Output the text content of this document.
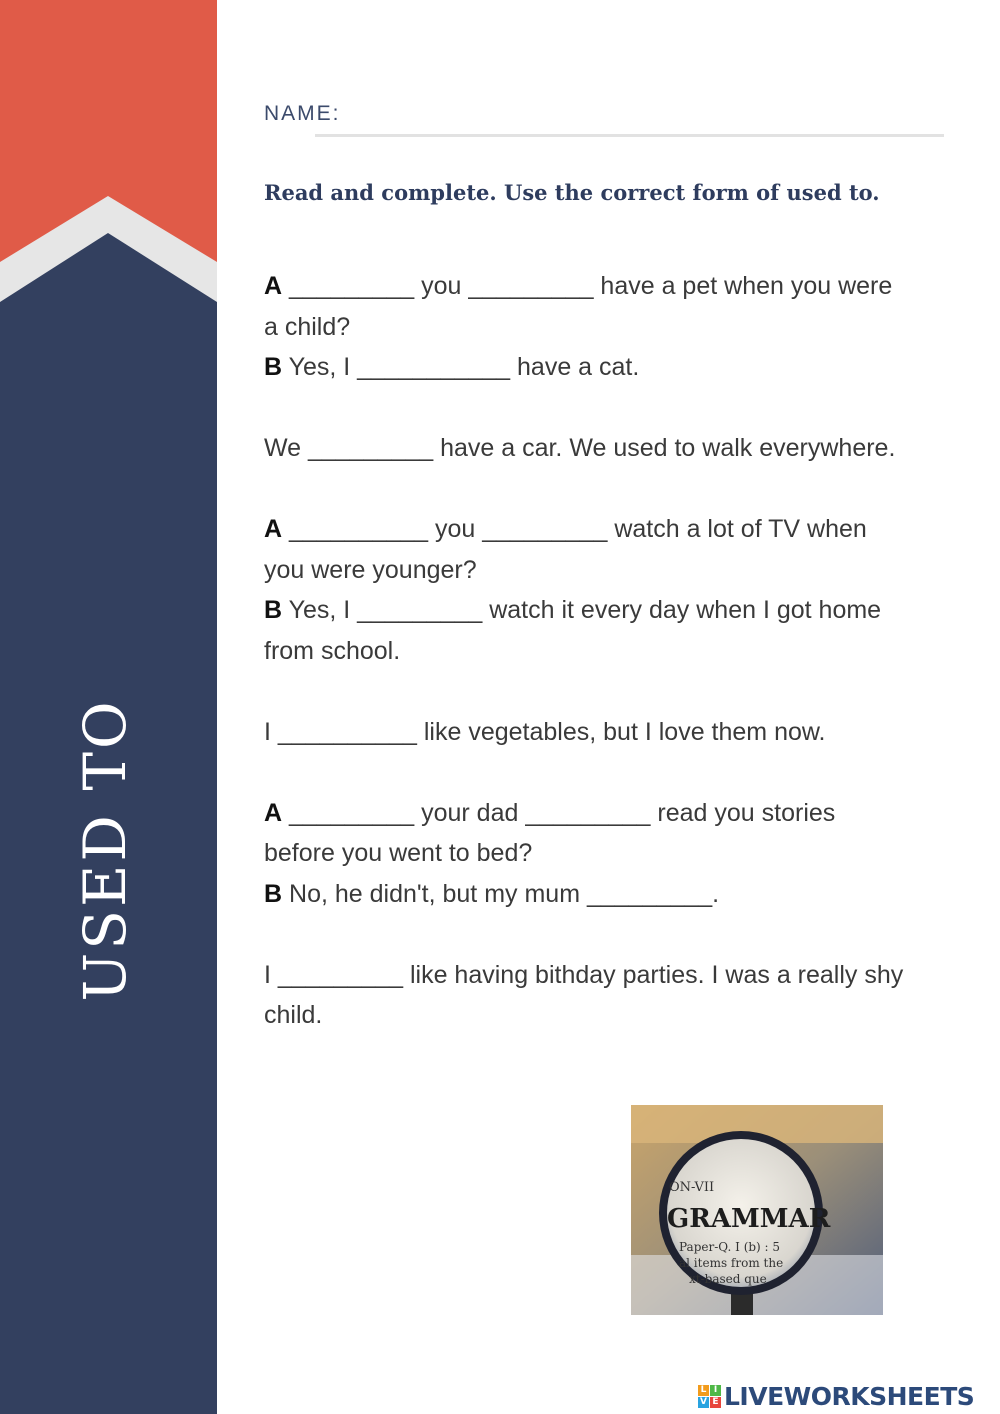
USED TO
NAME:
Read and complete. Use the correct form of used to.

A _________ you _________ have a pet when you were a child?
B Yes, I ___________ have a cat.

We _________ have a car. We used to walk everywhere.

A __________ you _________ watch a lot of TV when you were younger?
B Yes, I _________ watch it every day when I got home from school.

I __________ like vegetables, but I love them now.

A _________ your dad _________ read you stories before you went to bed?
B No, he didn't, but my mum _________.

I _________ like having bithday parties. I was a really shy child.

ON-VII
GRAMMAR
Paper-Q. I (b) : 5
al items from the
xt-based que
L I
V E LIVEWORKSHEETS
